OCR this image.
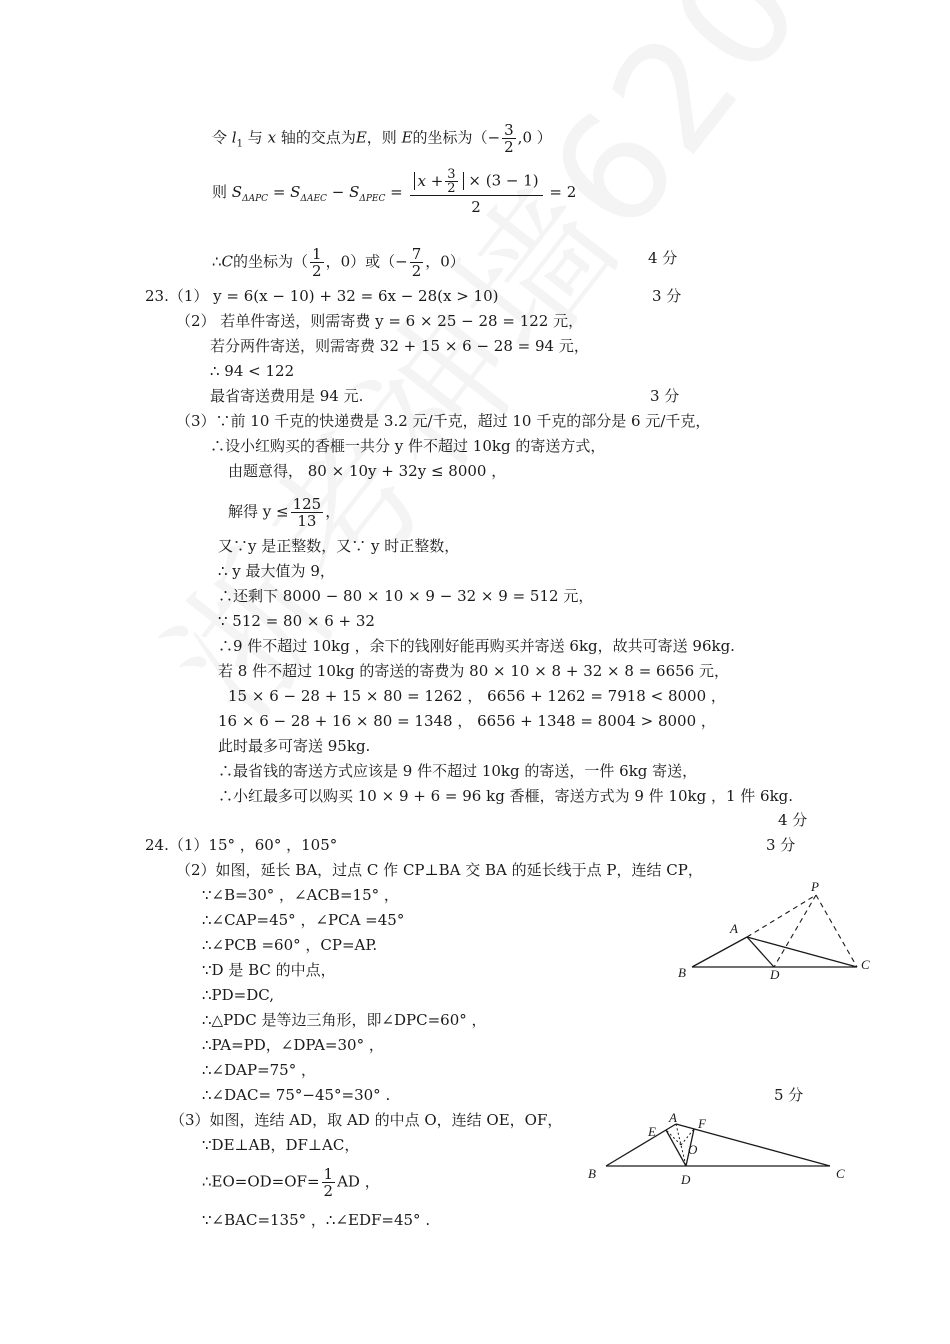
令 $l_1$ 与 x 轴的交点为E，则 E的坐标为（− $\frac{3}{2} ,0$ ）
则 $S_{\Delta APC} = S_{\Delta AEC} - S_{\Delta PEC} = \frac{x + \frac{3}{2} \times (3 - 1)}{2} = 2$
∴C的坐标为（ $\frac{1}{2}$ ，0）或（− $\frac{7}{2}$ ，0）	4 分
23.（1） y = 6(x − 10) + 32 = 6x − 28(x > 10)	3 分
（2） 若单件寄送，则需寄费 y = 6 × 25 − 28 = 122 元，
若分两件寄送，则需寄费 32 + 15 × 6 − 28 = 94 元，
∴ 94 < 122
最省寄送费用是 94 元.	3 分
（3）∵前 10 千克的快递费是 3.2 元/千克，超过 10 千克的部分是 6 元/千克，
∴设小红购买的香榧一共分 y 件不超过 10kg 的寄送方式，
由题意得， 80 × 10y + 32y ≤ 8000 ，
解得 $y \le \frac{125}{13}$ ，
又∵y 是正整数，又∵ y 时正整数，
∴ y 最大值为 9，
∴还剩下 8000 − 80 × 10 × 9 − 32 × 9 = 512 元，
∵ 512 = 80 × 6 + 32
∴9 件不超过 10kg ，余下的钱刚好能再购买并寄送 6kg，故共可寄送 96kg.
若 8 件不超过 10kg 的寄送的寄费为 80 × 10 × 8 + 32 × 8 = 6656 元，
15 × 6 − 28 + 15 × 80 = 1262 ， 6656 + 1262 = 7918 < 8000 ，
16 × 6 − 28 + 16 × 80 = 1348 ， 6656 + 1348 = 8004 > 8000 ，
此时最多可寄送 95kg.
∴最省钱的寄送方式应该是 9 件不超过 10kg 的寄送，一件 6kg 寄送，
∴小红最多可以购买 10 × 9 + 6 = 96 kg 香榧，寄送方式为 9 件 10kg ，1 件 6kg.
4 分
24.（1）15° ，60° ，105°	3 分
（2）如图，延长 BA，过点 C 作 CP⊥BA 交 BA 的延长线于点 P，连结 CP，
∵∠B=30° ，∠ACB=15° ，
∴∠CAP=45° ，∠PCA =45°
∴∠PCB =60° ，CP=AP.
∵D 是 BC 的中点，
∴PD=DC,
∴△PDC 是等边三角形，即∠DPC=60° ，
∴PA=PD，∠DPA=30° ，
∴∠DAP=75° ，
∴∠DAC= 75°−45°=30° .	5 分
（3）如图，连结 AD，取 AD 的中点 O，连结 OE，OF，
∵DE⊥AB，DF⊥AC，
∴EO=OD=OF= $\frac{1}{2}$ AD ，
∵∠BAC=135° ，∴∠EDF=45° .
P
A
B	D
C
A
E
F
O
B	D	C
